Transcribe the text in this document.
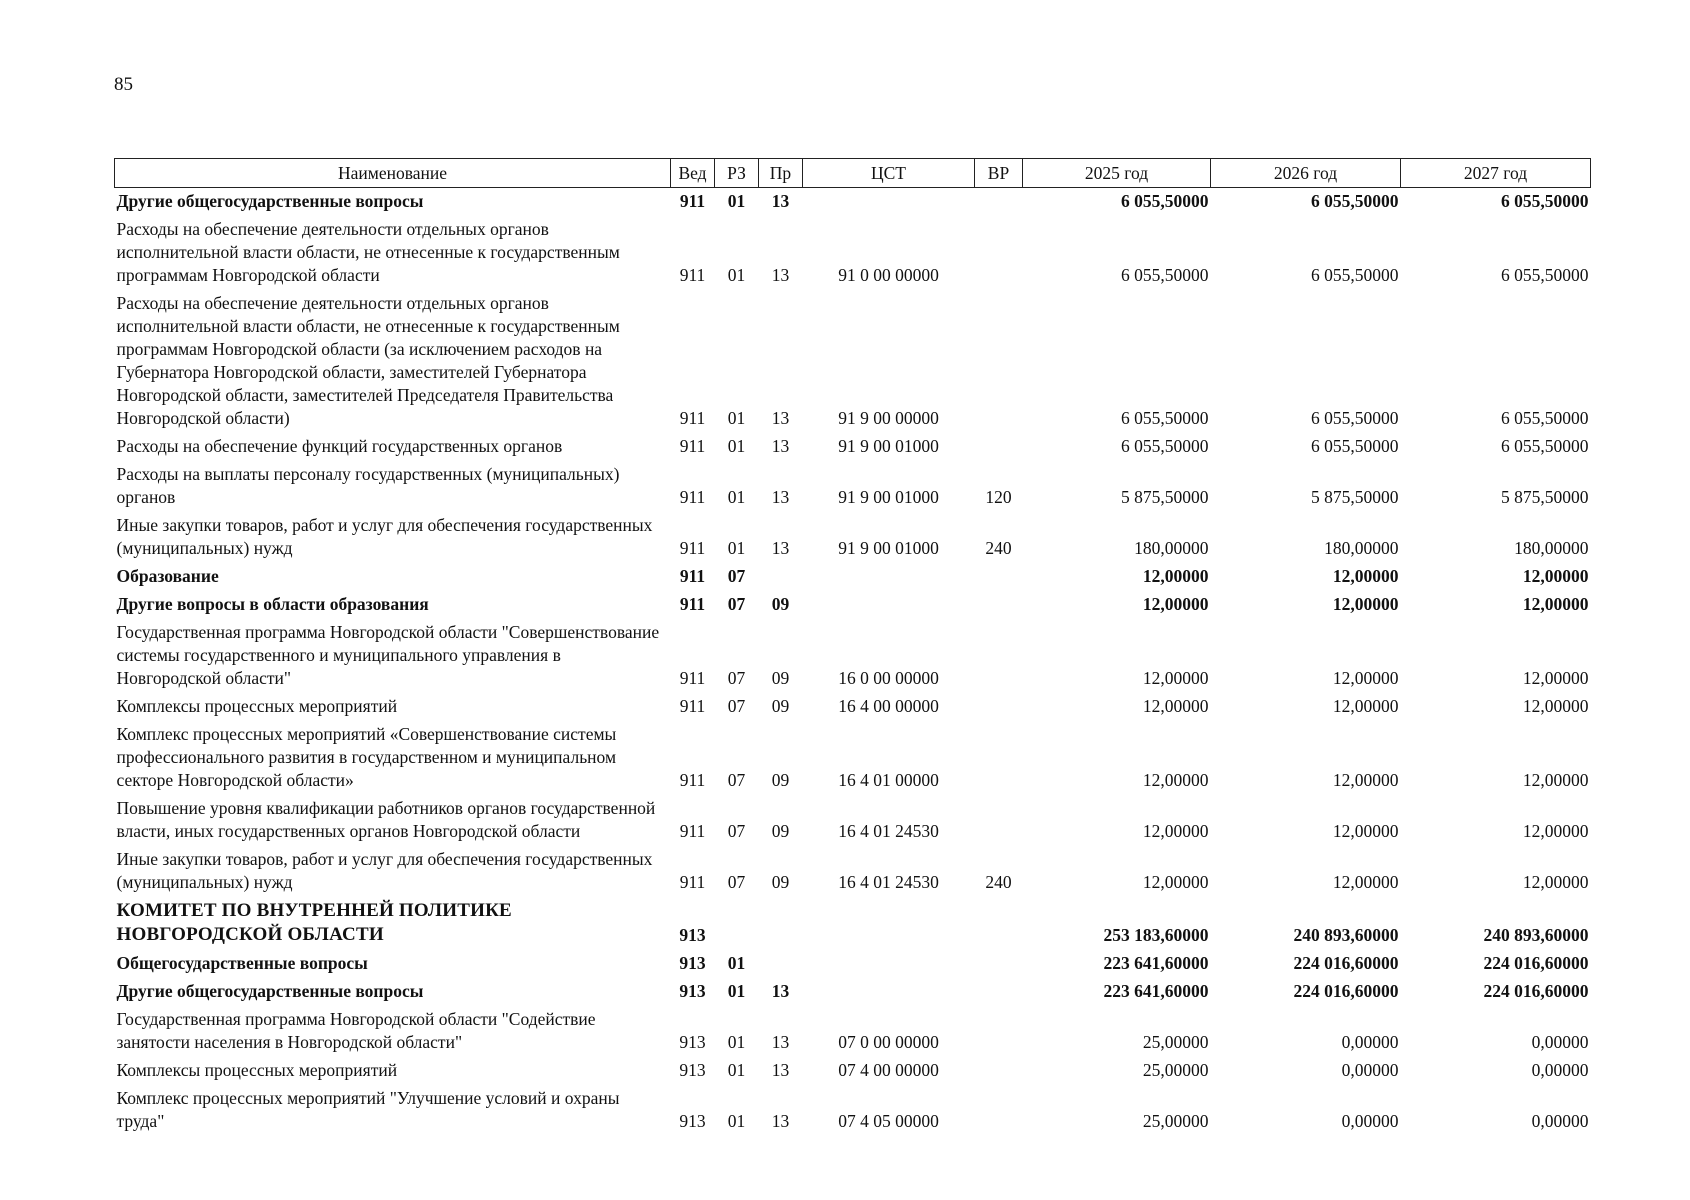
85
Наименование	Вед	РЗ	Пр	ЦСТ	ВР	2025 год	2026 год	2027 год
Другие общегосударственные вопросы	911	01	13			6 055,50000	6 055,50000	6 055,50000
Расходы на обеспечение деятельности отдельных органов исполнительной власти области, не отнесенные к государственным программам Новгородской области	911	01	13	91 0 00 00000		6 055,50000	6 055,50000	6 055,50000
Расходы на обеспечение деятельности отдельных органов исполнительной власти области, не отнесенные к государственным программам Новгородской области (за исключением расходов на Губернатора Новгородской области, заместителей Губернатора Новгородской области, заместителей Председателя Правительства Новгородской области)	911	01	13	91 9 00 00000		6 055,50000	6 055,50000	6 055,50000
Расходы на обеспечение функций государственных органов	911	01	13	91 9 00 01000		6 055,50000	6 055,50000	6 055,50000
Расходы на выплаты персоналу государственных (муниципальных) органов	911	01	13	91 9 00 01000	120	5 875,50000	5 875,50000	5 875,50000
Иные закупки товаров, работ и услуг для обеспечения государственных (муниципальных) нужд	911	01	13	91 9 00 01000	240	180,00000	180,00000	180,00000
Образование	911	07				12,00000	12,00000	12,00000
Другие вопросы в области образования	911	07	09			12,00000	12,00000	12,00000
Государственная программа Новгородской области "Совершенствование системы государственного и муниципального управления в Новгородской области"	911	07	09	16 0 00 00000		12,00000	12,00000	12,00000
Комплексы процессных мероприятий	911	07	09	16 4 00 00000		12,00000	12,00000	12,00000
Комплекс процессных мероприятий «Совершенствование системы профессионального развития в государственном и муниципальном секторе Новгородской области»	911	07	09	16 4 01 00000		12,00000	12,00000	12,00000
Повышение уровня квалификации работников органов государственной власти, иных государственных органов Новгородской области	911	07	09	16 4 01 24530		12,00000	12,00000	12,00000
Иные закупки товаров, работ и услуг для обеспечения государственных (муниципальных) нужд	911	07	09	16 4 01 24530	240	12,00000	12,00000	12,00000
КОМИТЕТ ПО ВНУТРЕННЕЙ ПОЛИТИКЕ НОВГОРОДСКОЙ ОБЛАСТИ	913					253 183,60000	240 893,60000	240 893,60000
Общегосударственные вопросы	913	01				223 641,60000	224 016,60000	224 016,60000
Другие общегосударственные вопросы	913	01	13			223 641,60000	224 016,60000	224 016,60000
Государственная программа Новгородской области "Содействие занятости населения в Новгородской области"	913	01	13	07 0 00 00000		25,00000	0,00000	0,00000
Комплексы процессных мероприятий	913	01	13	07 4 00 00000		25,00000	0,00000	0,00000
Комплекс процессных мероприятий "Улучшение условий и охраны труда"	913	01	13	07 4 05 00000		25,00000	0,00000	0,00000
